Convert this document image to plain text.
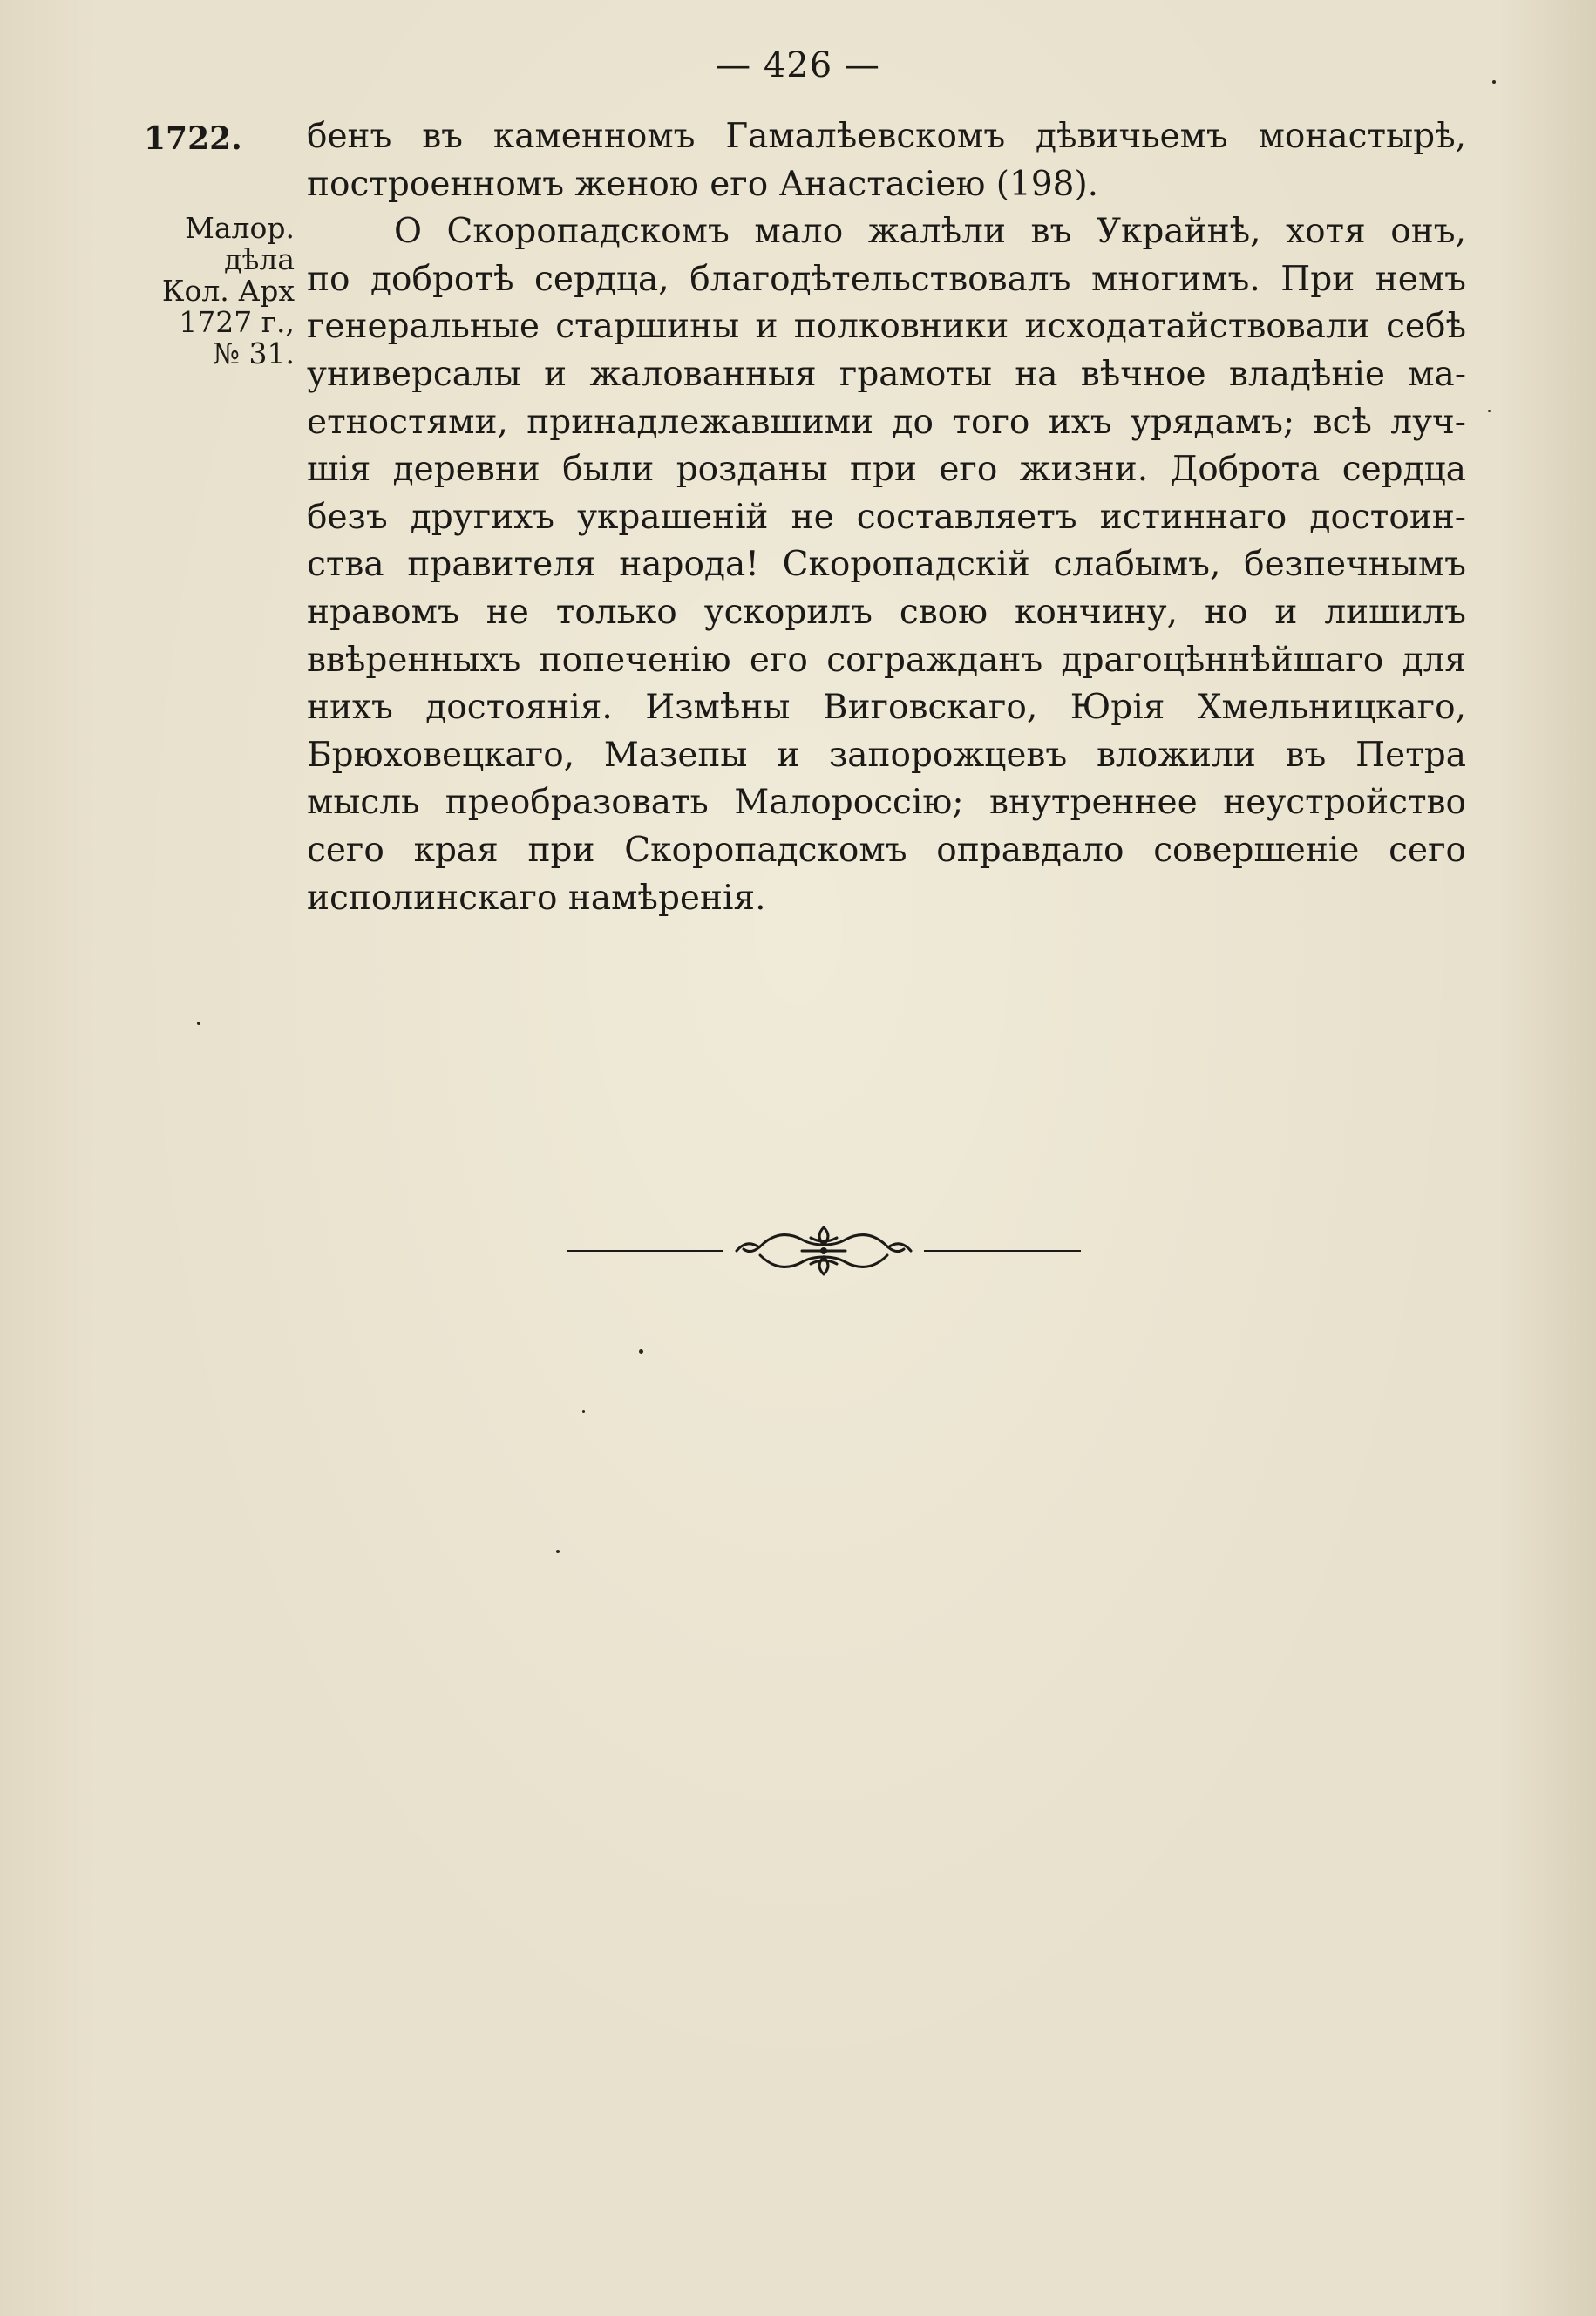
— 426 —
1722.
Малор.
дѣла
Кол. Арх
1727 г.,
№ 31.
бенъ въ каменномъ Гамалѣевскомъ дѣвичьемъ монастырѣ,
построенномъ женою его Анастасіею (198).
О Скоропадскомъ мало жалѣли въ Украйнѣ, хотя онъ,
по добротѣ сердца, благодѣтельствовалъ многимъ. При немъ
генеральные старшины и полковники исходатайствовали себѣ
универсалы и жалованныя грамоты на вѣчное владѣніе ма-
етностями, принадлежавшими до того ихъ урядамъ; всѣ луч-
шія деревни были розданы при его жизни. Доброта сердца
безъ другихъ украшеній не составляетъ истиннаго достоин-
ства правителя народа! Скоропадскій слабымъ, безпечнымъ
нравомъ не только ускорилъ свою кончину, но и лишилъ
ввѣренныхъ попеченію его согражданъ драгоцѣннѣйшаго для
нихъ достоянія. Измѣны Виговскаго, Юрія Хмельницкаго,
Брюховецкаго, Мазепы и запорожцевъ вложили въ Петра
мысль преобразовать Малороссію; внутреннее неустройство
сего края при Скоропадскомъ оправдало совершеніе сего
исполинскаго намѣренія.
